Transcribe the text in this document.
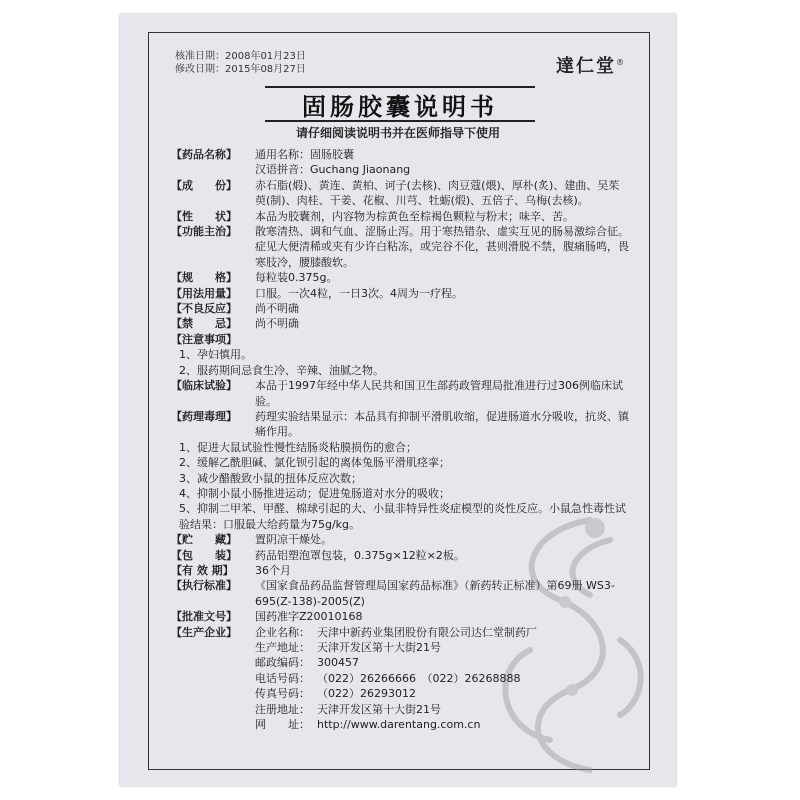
核准日期：2008年01月23日
修改日期：2015年08月27日	達仁堂®
固肠胶囊说明书
请仔细阅读说明书并在医师指导下使用
【药品名称】	通用名称：固肠胶囊
汉语拼音：Guchang Jiaonang
【成　　份】	赤石脂(煅)、黄连、黄柏、诃子(去核)、肉豆蔻(煨)、厚朴(炙)、建曲、吴茱萸(制)、肉桂、干姜、花椒、川芎、牡蛎(煅)、五倍子、乌梅(去核)。
【性　　状】	本品为胶囊剂，内容物为棕黄色至棕褐色颗粒与粉末；味辛、苦。
【功能主治】	散寒清热、调和气血、涩肠止泻。用于寒热错杂、虚实互见的肠易激综合征。症见大便清稀或夹有少许白粘冻，或完谷不化，甚则滑脱不禁，腹痛肠鸣，畏寒肢冷，腰膝酸软。
【规　　格】	每粒装0.375g。
【用法用量】	口服。一次4粒，一日3次。4周为一疗程。
【不良反应】	尚不明确
【禁　　忌】	尚不明确
【注意事项】
1、孕妇慎用。
2、服药期间忌食生冷、辛辣、油腻之物。
【临床试验】	本品于1997年经中华人民共和国卫生部药政管理局批准进行过306例临床试验。
【药理毒理】	药理实验结果显示：本品具有抑制平滑肌收缩，促进肠道水分吸收，抗炎、镇痛作用。
1、促进大鼠试验性慢性结肠炎粘膜损伤的愈合；
2、缓解乙酰胆碱、氯化钡引起的离体兔肠平滑肌痉挛；
3、减少醋酸致小鼠的扭体反应次数；
4、抑制小鼠小肠推进运动；促进兔肠道对水分的吸收；
5、抑制二甲苯、甲醛、棉球引起的大、小鼠非特异性炎症模型的炎性反应。小鼠急性毒性试验结果：口服最大给药量为75g/kg。
【贮　　藏】	置阴凉干燥处。
【包　　装】	药品铝塑泡罩包装，0.375g×12粒×2板。
【有 效 期】	36个月
【执行标准】	《国家食品药品监督管理局国家药品标准》（新药转正标准）第69册 WS3-695(Z-138)-2005(Z)
【批准文号】	国药准字Z20010168
【生产企业】	企业名称： 天津中新药业集团股份有限公司达仁堂制药厂
生产地址： 天津开发区第十大街21号
邮政编码： 300457
电话号码： （022）26266666　（022）26268888
传真号码： （022）26293012
注册地址： 天津开发区第十大街21号
网　　址： http://www.darentang.com.cn
